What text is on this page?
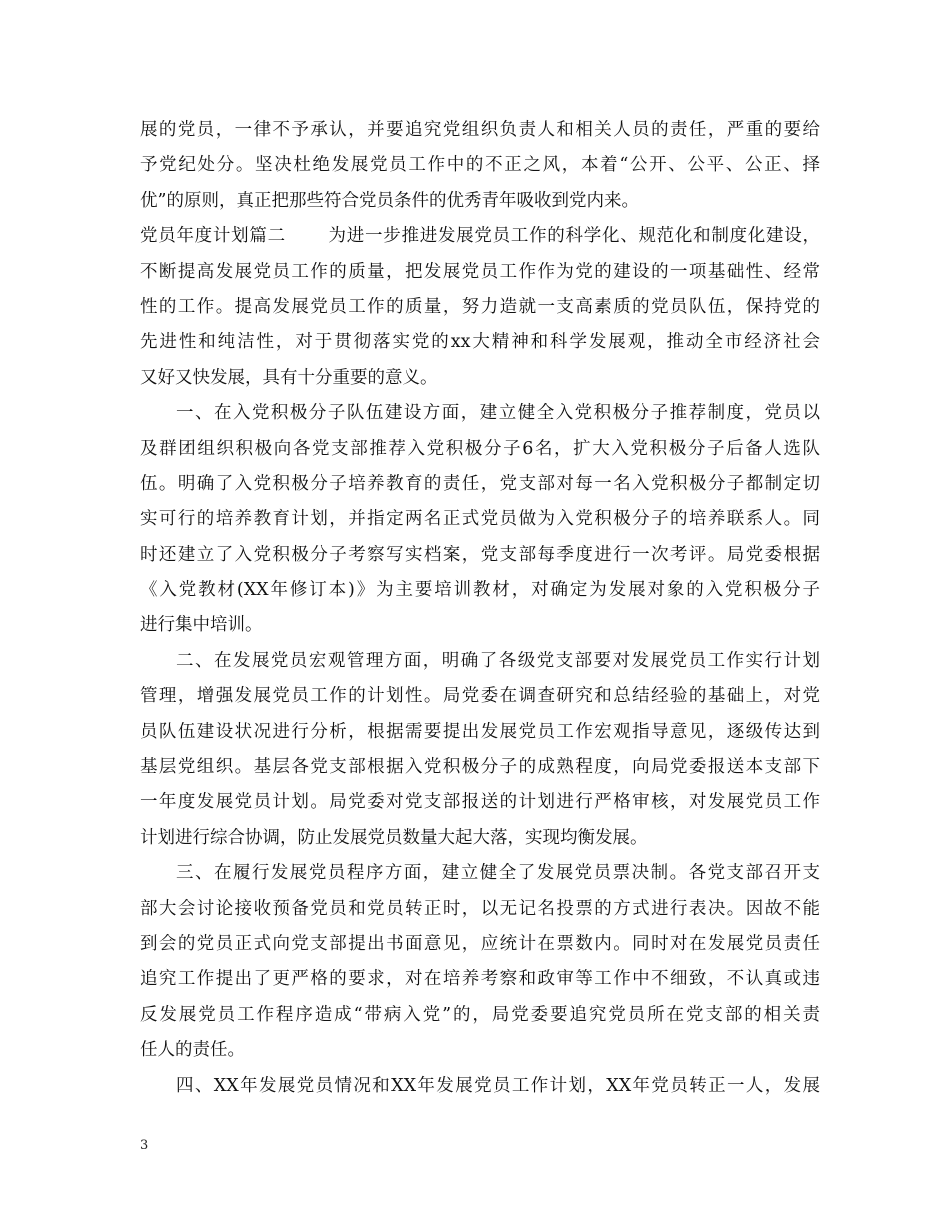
展的党员，一律不予承认，并要追究党组织负责人和相关人员的责任，严重的要给
予党纪处分。坚决杜绝发展党员工作中的不正之风，本着“公开、公平、公正、择
优”的原则，真正把那些符合党员条件的优秀青年吸收到党内来。
党员年度计划篇二 为进一步推进发展党员工作的科学化、规范化和制度化建设，
不断提高发展党员工作的质量，把发展党员工作作为党的建设的一项基础性、经常
性的工作。提高发展党员工作的质量，努力造就一支高素质的党员队伍，保持党的
先进性和纯洁性，对于贯彻落实党的xx大精神和科学发展观，推动全市经济社会
又好又快发展，具有十分重要的意义。
一、在入党积极分子队伍建设方面，建立健全入党积极分子推荐制度，党员以
及群团组织积极向各党支部推荐入党积极分子6名，扩大入党积极分子后备人选队
伍。明确了入党积极分子培养教育的责任，党支部对每一名入党积极分子都制定切
实可行的培养教育计划，并指定两名正式党员做为入党积极分子的培养联系人。同
时还建立了入党积极分子考察写实档案，党支部每季度进行一次考评。局党委根据
《入党教材(XX年修订本)》为主要培训教材，对确定为发展对象的入党积极分子
进行集中培训。
二、在发展党员宏观管理方面，明确了各级党支部要对发展党员工作实行计划
管理，增强发展党员工作的计划性。局党委在调查研究和总结经验的基础上，对党
员队伍建设状况进行分析，根据需要提出发展党员工作宏观指导意见，逐级传达到
基层党组织。基层各党支部根据入党积极分子的成熟程度，向局党委报送本支部下
一年度发展党员计划。局党委对党支部报送的计划进行严格审核，对发展党员工作
计划进行综合协调，防止发展党员数量大起大落，实现均衡发展。
三、在履行发展党员程序方面，建立健全了发展党员票决制。各党支部召开支
部大会讨论接收预备党员和党员转正时，以无记名投票的方式进行表决。因故不能
到会的党员正式向党支部提出书面意见，应统计在票数内。同时对在发展党员责任
追究工作提出了更严格的要求，对在培养考察和政审等工作中不细致，不认真或违
反发展党员工作程序造成“带病入党”的，局党委要追究党员所在党支部的相关责
任人的责任。
四、XX年发展党员情况和XX年发展党员工作计划，XX年党员转正一人，发展
3
